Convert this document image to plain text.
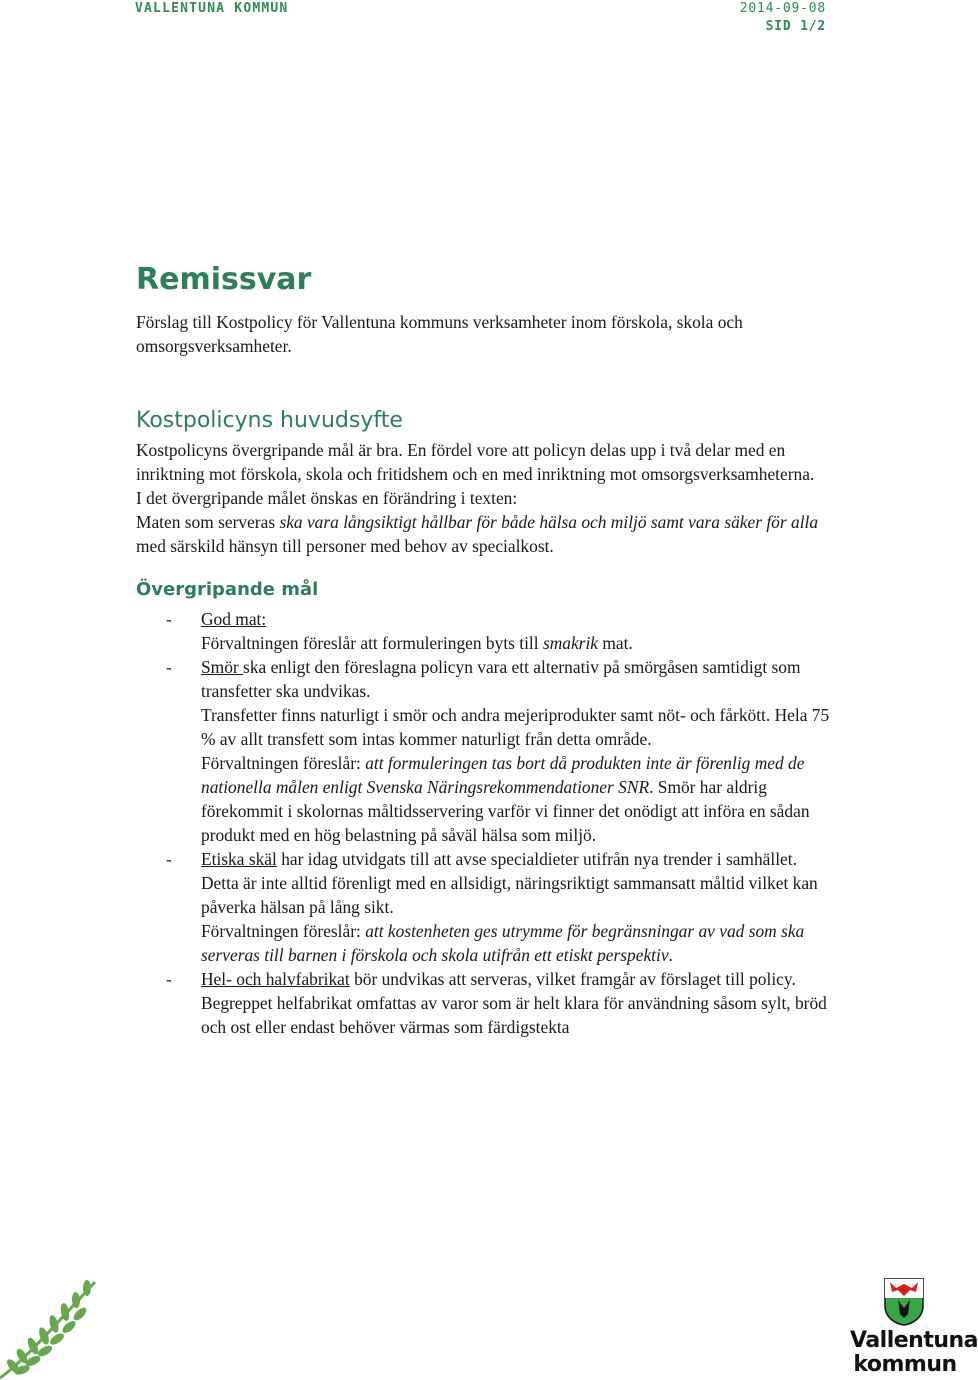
VALLENTUNA KOMMUN	2014-09-08
SID 1/2
Remissvar

Förslag till Kostpolicy för Vallentuna kommuns verksamheter inom förskola, skola och omsorgsverksamheter.

Kostpolicyns huvudsyfte

Kostpolicyns övergripande mål är bra. En fördel vore att policyn delas upp i två delar med en inriktning mot förskola, skola och fritidshem och en med inriktning mot omsorgsverksamheterna.

I det övergripande målet önskas en förändring i texten:

Maten som serveras ska vara långsiktigt hållbar för både hälsa och miljö samt vara säker för alla med särskild hänsyn till personer med behov av specialkost.

Övergripande mål
- God mat:
Förvaltningen föreslår att formuleringen byts till smakrik mat.
- Smör ska enligt den föreslagna policyn vara ett alternativ på smörgåsen samtidigt som transfetter ska undvikas.
Transfetter finns naturligt i smör och andra mejeriprodukter samt nöt- och fårkött. Hela 75 % av allt transfett som intas kommer naturligt från detta område.
Förvaltningen föreslår: att formuleringen tas bort då produkten inte är förenlig med de nationella målen enligt Svenska Näringsrekommendationer SNR. Smör har aldrig förekommit i skolornas måltidsservering varför vi finner det onödigt att införa en sådan produkt med en hög belastning på såväl hälsa som miljö.
- Etiska skäl har idag utvidgats till att avse specialdieter utifrån nya trender i samhället. Detta är inte alltid förenligt med en allsidigt, näringsriktigt sammansatt måltid vilket kan påverka hälsan på lång sikt.
Förvaltningen föreslår: att kostenheten ges utrymme för begränsningar av vad som ska serveras till barnen i förskola och skola utifrån ett etiskt perspektiv.
- Hel- och halvfabrikat bör undvikas att serveras, vilket framgår av förslaget till policy.
Begreppet helfabrikat omfattas av varor som är helt klara för användning såsom sylt, bröd och ost eller endast behöver värmas som färdigstekta
Vallentuna
kommun
